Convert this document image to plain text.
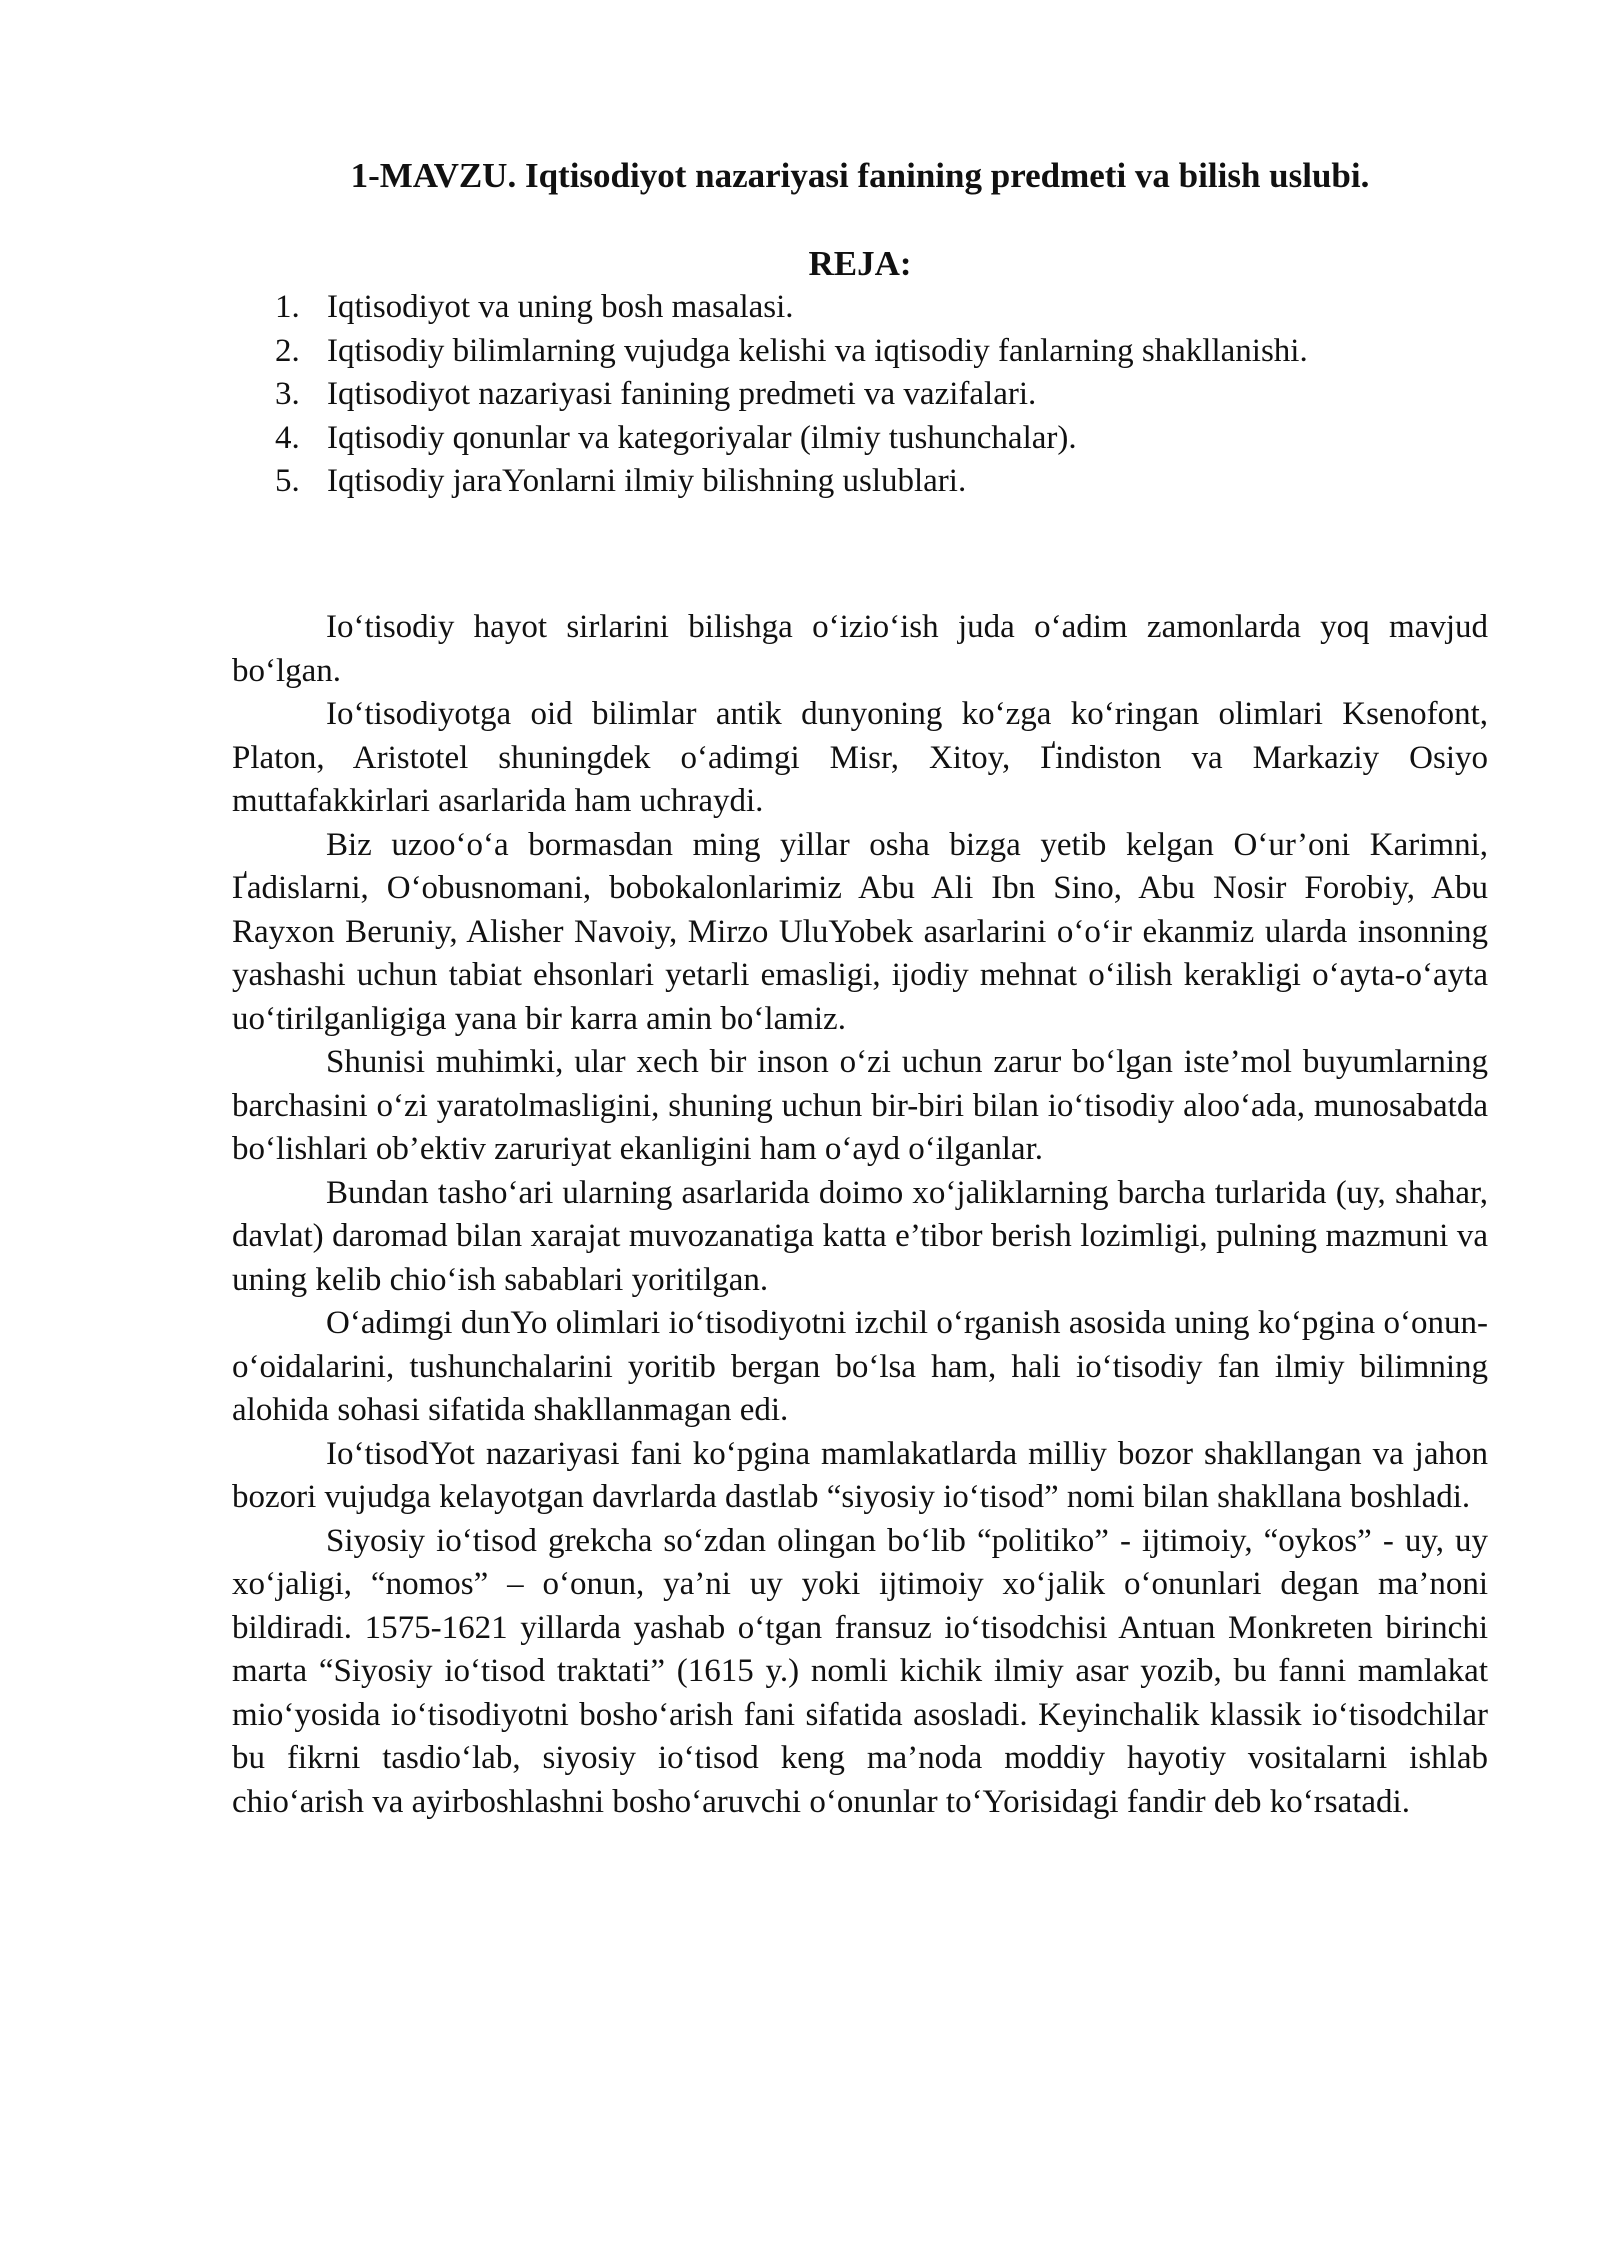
1-MAVZU. Iqtisodiyot nazariyasi fanining predmeti va bilish uslubi.
REJA:
1. Iqtisodiyot va uning bosh masalasi.
2. Iqtisodiy bilimlarning vujudga kelishi va iqtisodiy fanlarning shakllanishi.
3. Iqtisodiyot nazariyasi fanining predmeti va vazifalari.
4. Iqtisodiy qonunlar va kategoriyalar (ilmiy tushunchalar).
5. Iqtisodiy jaraYonlarni ilmiy bilishning uslublari.

Io‘tisodiy hayot sirlarini bilishga o‘izio‘ish juda o‘adim zamonlarda yoq mavjud bo‘lgan.

Io‘tisodiyotga oid bilimlar antik dunyoning ko‘zga ko‘ringan olimlari Ksenofont, Platon, Aristotel shuningdek o‘adimgi Misr, Xitoy, Ґindiston va Markaziy Osiyo muttafakkirlari asarlarida ham uchraydi.

Biz uzoo‘o‘a bormasdan ming yillar osha bizga yetib kelgan O‘ur’oni Karimni, Ґadislarni, O‘obusnomani, bobokalonlarimiz Abu Ali Ibn Sino, Abu Nosir Forobiy, Abu Rayxon Beruniy, Alisher Navoiy, Mirzo UluYobek asarlarini o‘o‘ir ekanmiz ularda insonning yashashi uchun tabiat ehsonlari yetarli emasligi, ijodiy mehnat o‘ilish kerakligi o‘ayta-o‘ayta uo‘tirilganligiga yana bir karra amin bo‘lamiz.

Shunisi muhimki, ular xech bir inson o‘zi uchun zarur bo‘lgan iste’mol buyumlarning barchasini o‘zi yaratolmasligini, shuning uchun bir-biri bilan io‘tisodiy aloo‘ada, munosabatda bo‘lishlari ob’ektiv zaruriyat ekanligini ham o‘ayd o‘ilganlar.

Bundan tasho‘ari ularning asarlarida doimo xo‘jaliklarning barcha turlarida (uy, shahar, davlat) daromad bilan xarajat muvozanatiga katta e’tibor berish lozimligi, pulning mazmuni va uning kelib chio‘ish sabablari yoritilgan.

O‘adimgi dunYo olimlari io‘tisodiyotni izchil o‘rganish asosida uning ko‘pgina o‘onun-o‘oidalarini, tushunchalarini yoritib bergan bo‘lsa ham, hali io‘tisodiy fan ilmiy bilimning alohida sohasi sifatida shakllanmagan edi.

Io‘tisodYot nazariyasi fani ko‘pgina mamlakatlarda milliy bozor shakllangan va jahon bozori vujudga kelayotgan davrlarda dastlab “siyosiy io‘tisod” nomi bilan shakllana boshladi.

Siyosiy io‘tisod grekcha so‘zdan olingan bo‘lib “politiko” - ijtimoiy, “oykos” - uy, uy xo‘jaligi, “nomos” – o‘onun, ya’ni uy yoki ijtimoiy xo‘jalik o‘onunlari degan ma’noni bildiradi. 1575-1621 yillarda yashab o‘tgan fransuz io‘tisodchisi Antuan Monkreten birinchi marta “Siyosiy io‘tisod traktati” (1615 y.) nomli kichik ilmiy asar yozib, bu fanni mamlakat mio‘yosida io‘tisodiyotni bosho‘arish fani sifatida asosladi. Keyinchalik klassik io‘tisodchilar bu fikrni tasdio‘lab, siyosiy io‘tisod keng ma’noda moddiy hayotiy vositalarni ishlab chio‘arish va ayirboshlashni bosho‘aruvchi o‘onunlar to‘Yorisidagi fandir deb ko‘rsatadi.
